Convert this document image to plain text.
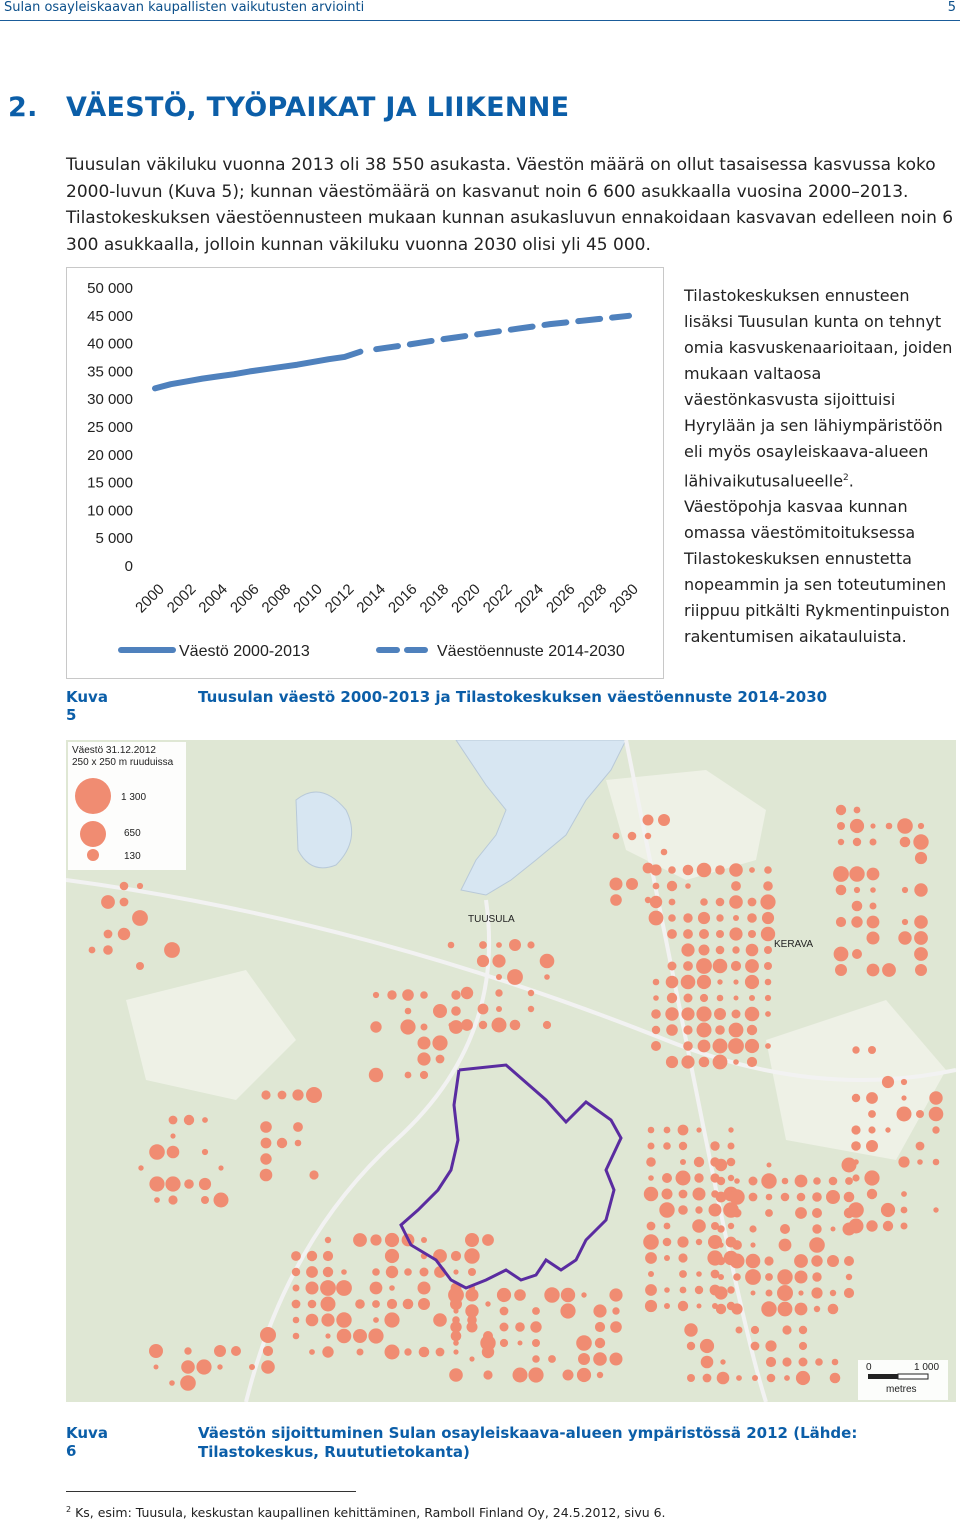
Sulan osayleiskaavan kaupallisten vaikutusten arviointi	5
2. VÄESTÖ, TYÖPAIKAT JA LIIKENNE
Tuusulan väkiluku vuonna 2013 oli 38 550 asukasta. Väestön määrä on ollut tasaisessa kasvussa koko 2000-luvun (Kuva 5); kunnan väestömäärä on kasvanut noin 6 600 asukkaalla vuosina 2000–2013. Tilastokeskuksen väestöennusteen mukaan kunnan asukasluvun ennakoidaan kasvavan edelleen noin 6 300 asukkaalla, jolloin kunnan väkiluku vuonna 2030 olisi yli 45 000.
50 000
45 000
40 000
35 000
30 000
25 000
20 000
15 000
10 000
5 000
0
2000
2002
2004
2006
2008
2010
2012
2014
2016
2018
2020
2022
2024
2026
2028
2030
Väestö 2000-2013	Väestöennuste 2014-2030
Tilastokeskuksen ennusteen lisäksi Tuusulan kunta on tehnyt omia kasvuskenaarioitaan, joiden mukaan valtaosa väestönkasvusta sijoittuisi Hyrylään ja sen lähiympäristöön eli myös osayleiskaava-alueen lähivaikutusalueelle$^2$. Väestöpohja kasvaa kunnan omassa väestömitoituksessa Tilastokeskuksen ennustetta nopeammin ja sen toteutuminen riippuu pitkälti Rykmentinpuiston rakentumisen aikatauluista.
Kuva 5
Tuusulan väestö 2000-2013 ja Tilastokeskuksen väestöennuste 2014-2030
TUUSULA
KERAVA
Väestö 31.12.2012
250 x 250 m ruuduissa
1 300
650
130
0	1 000
metres
Kuva 6
Väestön sijoittuminen Sulan osayleiskaava-alueen ympäristössä 2012 (Lähde: Tilastokeskus, Ruututietokanta)
$^2$ Ks, esim: Tuusula, keskustan kaupallinen kehittäminen, Ramboll Finland Oy, 24.5.2012, sivu 6.
